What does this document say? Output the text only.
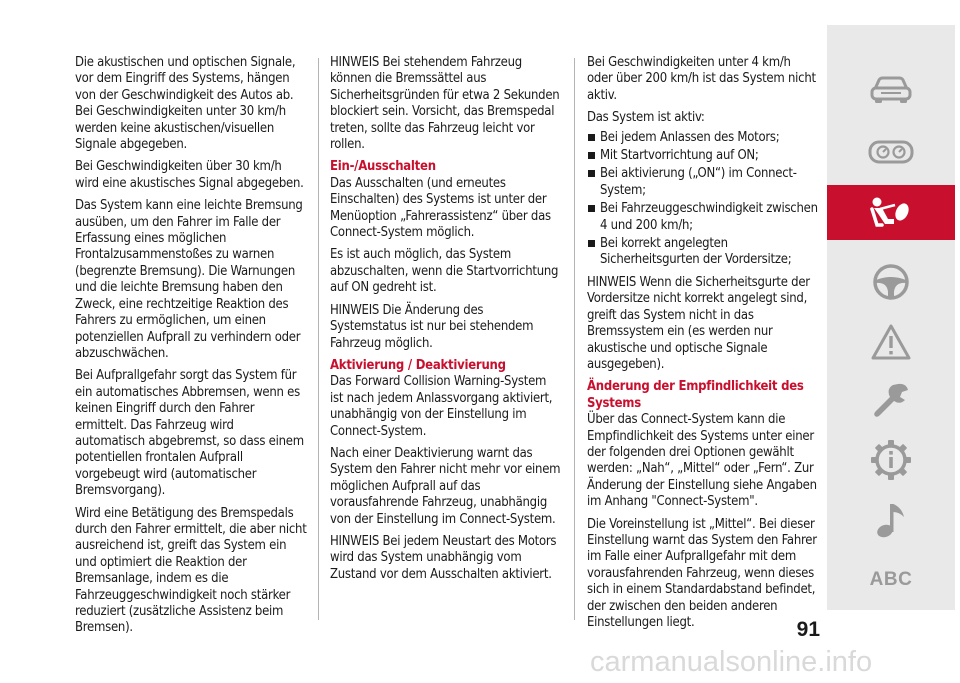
Die akustischen und optischen Signale, vor dem Eingriff des Systems, hängen von der Geschwindigkeit des Autos ab. Bei Geschwindigkeiten unter 30 km/h werden keine akustischen/visuellen Signale abgegeben.

Bei Geschwindigkeiten über 30 km/h wird eine akustisches Signal abgegeben.

Das System kann eine leichte Bremsung ausüben, um den Fahrer im Falle der Erfassung eines möglichen Frontalzusammenstoßes zu warnen (begrenzte Bremsung). Die Warnungen und die leichte Bremsung haben den Zweck, eine rechtzeitige Reaktion des Fahrers zu ermöglichen, um einen potenziellen Aufprall zu verhindern oder abzuschwächen.

Bei Aufprallgefahr sorgt das System für ein automatisches Abbremsen, wenn es keinen Eingriff durch den Fahrer ermittelt. Das Fahrzeug wird automatisch abgebremst, so dass einem potentiellen frontalen Aufprall vorgebeugt wird (automatischer Bremsvorgang).

Wird eine Betätigung des Bremspedals durch den Fahrer ermittelt, die aber nicht ausreichend ist, greift das System ein und optimiert die Reaktion der Bremsanlage, indem es die Fahrzeuggeschwindigkeit noch stärker reduziert (zusätzliche Assistenz beim Bremsen).

HINWEIS Bei stehendem Fahrzeug können die Bremssättel aus Sicherheitsgründen für etwa 2 Sekunden blockiert sein. Vorsicht, das Bremspedal treten, sollte das Fahrzeug leicht vor rollen.

Ein-/Ausschalten

Das Ausschalten (und erneutes Einschalten) des Systems ist unter der Menüoption „Fahrerassistenz“ über das Connect-System möglich.

Es ist auch möglich, das System abzuschalten, wenn die Startvorrichtung auf ON gedreht ist.

HINWEIS Die Änderung des Systemstatus ist nur bei stehendem Fahrzeug möglich.

Aktivierung / Deaktivierung

Das Forward Collision Warning-System ist nach jedem Anlassvorgang aktiviert, unabhängig von der Einstellung im Connect-System.

Nach einer Deaktivierung warnt das System den Fahrer nicht mehr vor einem möglichen Aufprall auf das vorausfahrende Fahrzeug, unabhängig von der Einstellung im Connect-System.

HINWEIS Bei jedem Neustart des Motors wird das System unabhängig vom Zustand vor dem Ausschalten aktiviert.

Bei Geschwindigkeiten unter 4 km/h oder über 200 km/h ist das System nicht aktiv.

Das System ist aktiv:

Bei jedem Anlassen des Motors;
Mit Startvorrichtung auf ON;
Bei aktivierung („ON“) im Connect-System;
Bei Fahrzeuggeschwindigkeit zwischen 4 und 200 km/h;
Bei korrekt angelegten Sicherheitsgurten der Vordersitze;

HINWEIS Wenn die Sicherheitsgurte der Vordersitze nicht korrekt angelegt sind, greift das System nicht in das Bremssystem ein (es werden nur akustische und optische Signale ausgegeben).

Änderung der Empfindlichkeit des Systems

Über das Connect-System kann die Empfindlichkeit des Systems unter einer der folgenden drei Optionen gewählt werden: „Nah“, „Mittel“ oder „Fern“. Zur Änderung der Einstellung siehe Angaben im Anhang "Connect-System".

Die Voreinstellung ist „Mittel“. Bei dieser Einstellung warnt das System den Fahrer im Falle einer Aufprallgefahr mit dem vorausfahrenden Fahrzeug, wenn dieses sich in einem Standardabstand befindet, der zwischen den beiden anderen Einstellungen liegt.

ABC
91
carmanualsonline.info
